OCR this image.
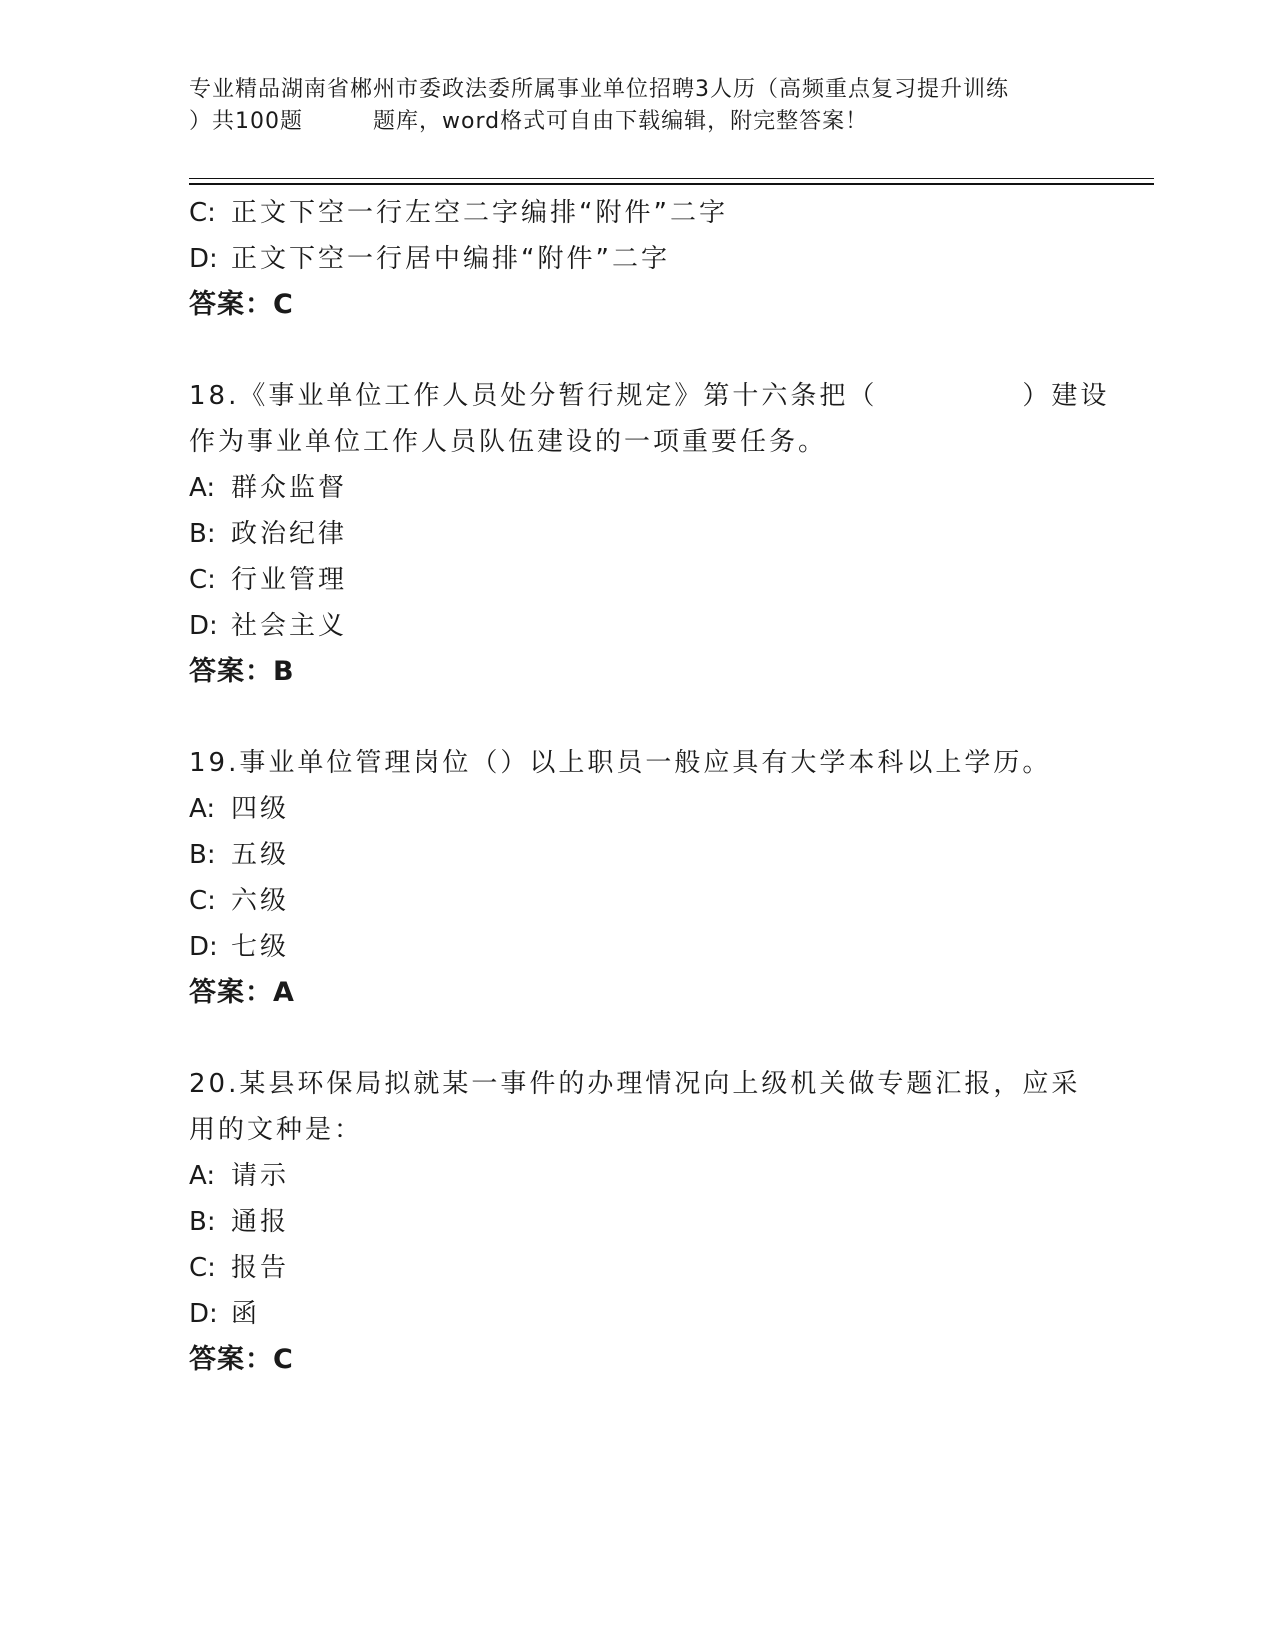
专业精品湖南省郴州市委政法委所属事业单位招聘3人历（高频重点复习提升训练
）共100题	题库，word格式可自由下载编辑，附完整答案！
C: 正文下空一行左空二字编排“附件”二字
D: 正文下空一行居中编排“附件”二字
答案：C
18.《事业单位工作人员处分暂行规定》第十六条把（　　　　　）建设
作为事业单位工作人员队伍建设的一项重要任务。
A: 群众监督
B: 政治纪律
C: 行业管理
D: 社会主义
答案：B
19.事业单位管理岗位（）以上职员一般应具有大学本科以上学历。
A: 四级
B: 五级
C: 六级
D: 七级
答案：A
20.某县环保局拟就某一事件的办理情况向上级机关做专题汇报，应采
用的文种是：
A: 请示
B: 通报
C: 报告
D: 函
答案：C
